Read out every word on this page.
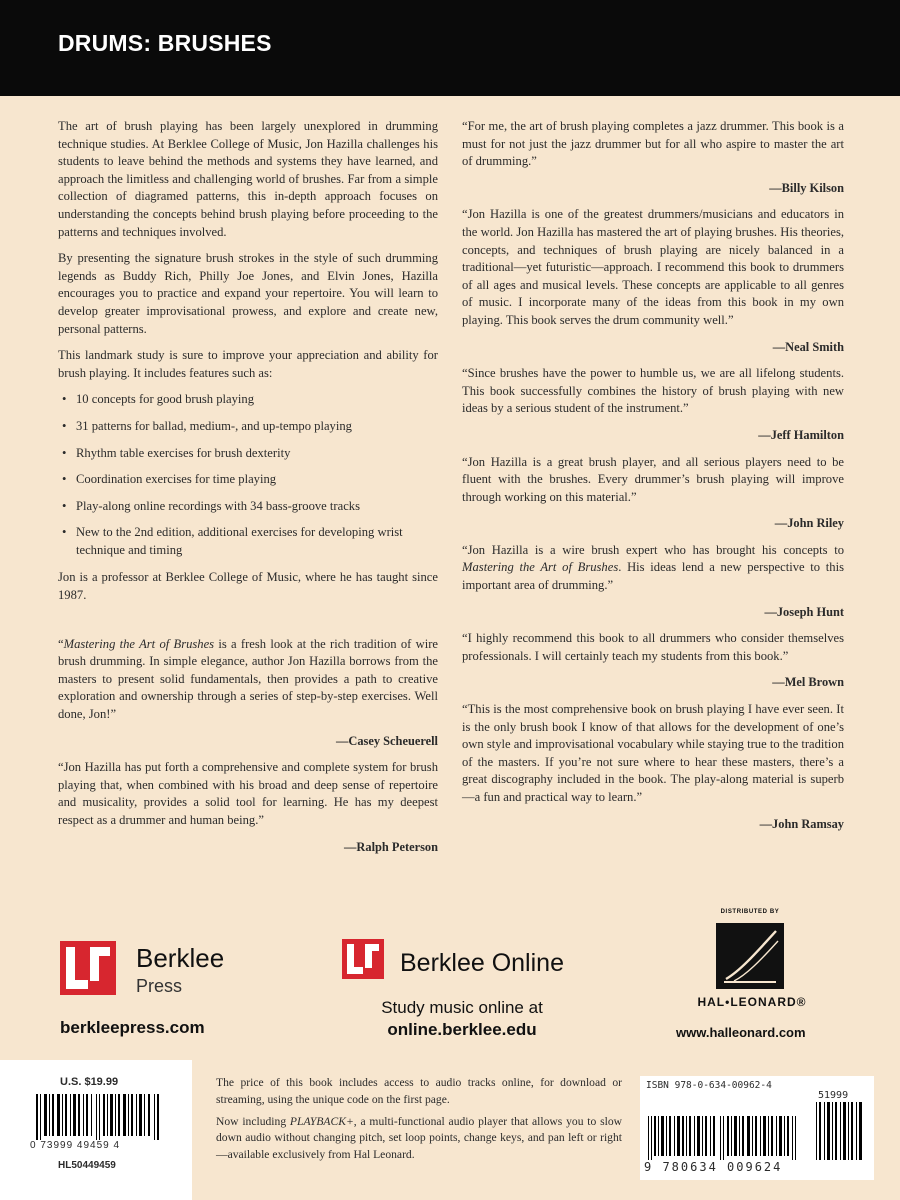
DRUMS: BRUSHES

The art of brush playing has been largely unexplored in drumming technique studies. At Berklee College of Music, Jon Hazilla challenges his students to leave behind the methods and systems they have learned, and approach the limitless and challenging world of brushes. Far from a simple collection of diagramed patterns, this in-depth approach focuses on understanding the concepts behind brush playing before proceeding to the patterns and techniques involved.

By presenting the signature brush strokes in the style of such drumming legends as Buddy Rich, Philly Joe Jones, and Elvin Jones, Hazilla encourages you to practice and expand your repertoire. You will learn to develop greater improvisational prowess, and explore and create new, personal patterns.

This landmark study is sure to improve your appreciation and ability for brush playing. It includes features such as:

• 10 concepts for good brush playing
• 31 patterns for ballad, medium-, and up-tempo playing
• Rhythm table exercises for brush dexterity
• Coordination exercises for time playing
• Play-along online recordings with 34 bass-groove tracks
• New to the 2nd edition, additional exercises for developing wrist technique and timing

Jon is a professor at Berklee College of Music, where he has taught since 1987.

“Mastering the Art of Brushes is a fresh look at the rich tradition of wire brush drumming. In simple elegance, author Jon Hazilla borrows from the masters to present solid fundamentals, then provides a path to creative exploration and ownership through a series of step-by-step exercises. Well done, Jon!”

—Casey Scheuerell

“Jon Hazilla has put forth a comprehensive and complete system for brush playing that, when combined with his broad and deep sense of repertoire and musicality, provides a solid tool for learning. He has my deepest respect as a drummer and human being.”

—Ralph Peterson

“For me, the art of brush playing completes a jazz drummer. This book is a must for not just the jazz drummer but for all who aspire to master the art of drumming.”

—Billy Kilson

“Jon Hazilla is one of the greatest drummers/musicians and educators in the world. Jon Hazilla has mastered the art of playing brushes. His theories, concepts, and techniques of brush playing are nicely balanced in a traditional—yet futuristic—approach. I recommend this book to drummers of all ages and musical levels. These concepts are applicable to all genres of music. I incorporate many of the ideas from this book in my own playing. This book serves the drum community well.”

—Neal Smith

“Since brushes have the power to humble us, we are all lifelong students. This book successfully combines the history of brush playing with new ideas by a serious student of the instrument.”

—Jeff Hamilton

“Jon Hazilla is a great brush player, and all serious players need to be fluent with the brushes. Every drummer’s brush playing will improve through working on this material.”

—John Riley

“Jon Hazilla is a wire brush expert who has brought his concepts to Mastering the Art of Brushes. His ideas lend a new perspective to this important area of drumming.”

—Joseph Hunt

“I highly recommend this book to all drummers who consider themselves professionals. I will certainly teach my students from this book.”

—Mel Brown

“This is the most comprehensive book on brush playing I have ever seen. It is the only brush book I know of that allows for the development of one’s own style and improvisational vocabulary while staying true to the tradition of the masters. If you’re not sure where to hear these masters, there’s a great discography included in the book. The play-along material is superb—a fun and practical way to learn.”

—John Ramsay

Berklee
Press
berkleepress.com
Berklee Online
Study music online at
online.berklee.edu
DISTRIBUTED BY
HAL•LEONARD®
www.halleonard.com
U.S. $19.99
0 73999 49459 4
HL50449459

The price of this book includes access to audio tracks online, for download or streaming, using the unique code on the first page.

Now including PLAYBACK+, a multi-functional audio player that allows you to slow down audio without changing pitch, set loop points, change keys, and pan left or right—available exclusively from Hal Leonard.

ISBN 978-0-634-00962-4
51999
9 780634 009624
